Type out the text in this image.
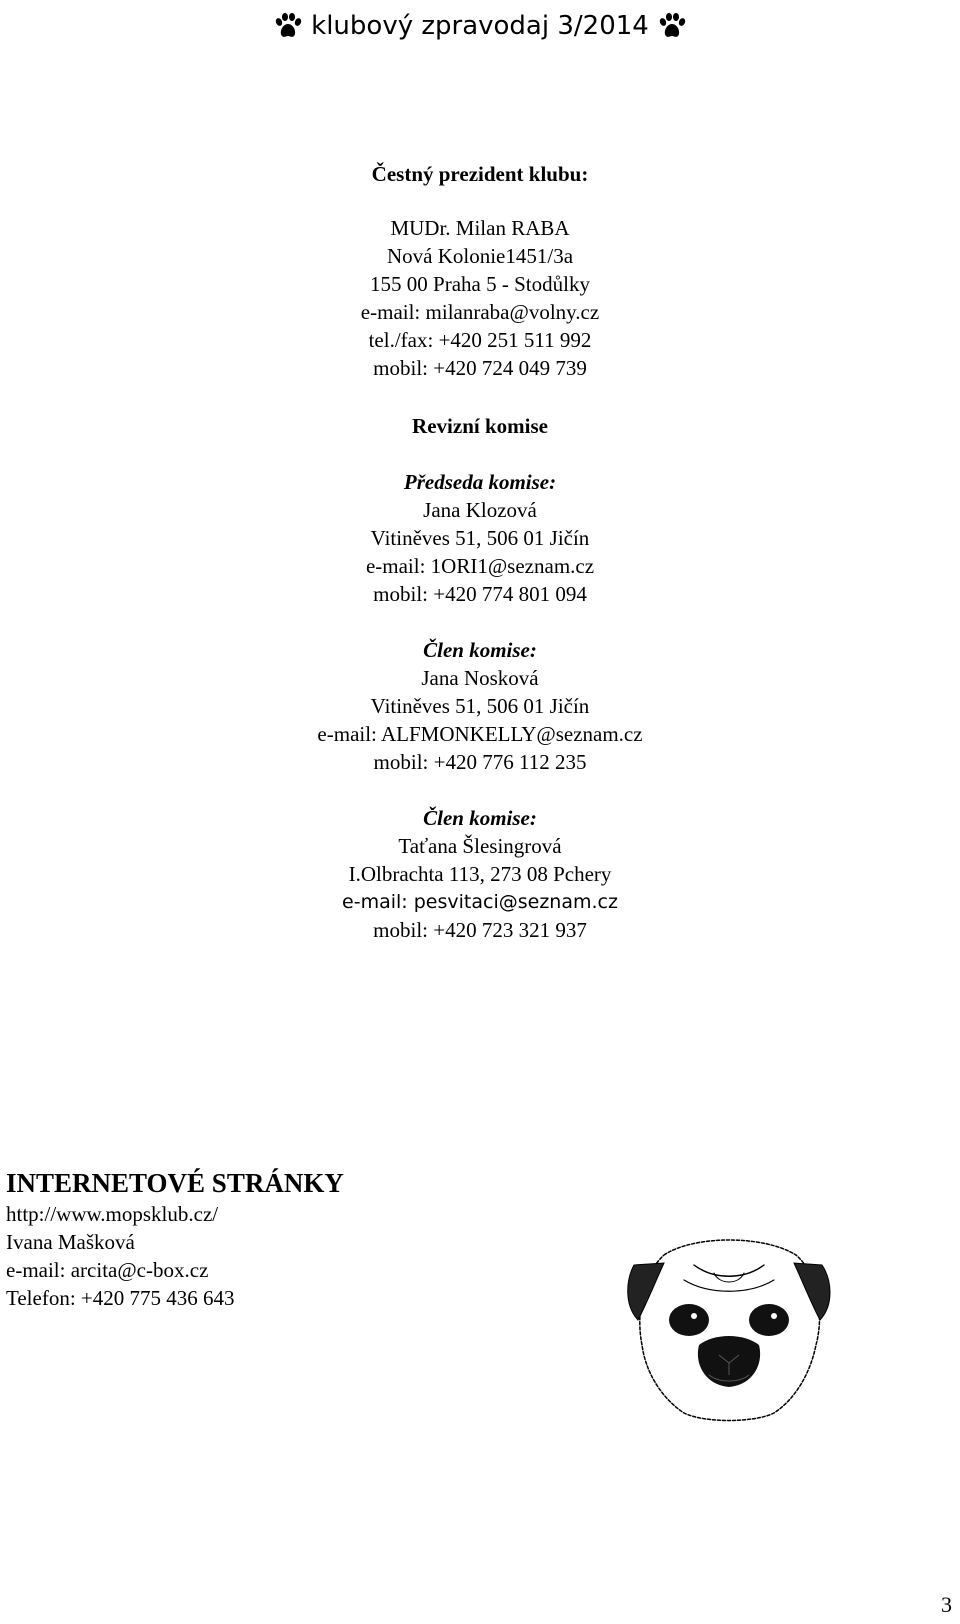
klubový zpravodaj 3/2014
Čestný prezident klubu:
MUDr. Milan RABA
Nová Kolonie1451/3a
155 00 Praha 5 - Stodůlky
e-mail: milanraba@volny.cz
tel./fax: +420 251 511 992
mobil: +420 724 049 739
Revizní komise
Předseda komise:
Jana Klozová
Vitiněves 51, 506 01 Jičín
e-mail: 1ORI1@seznam.cz
mobil: +420 774 801 094
Člen komise:
Jana Nosková
Vitiněves 51, 506 01 Jičín
e-mail: ALFMONKELLY@seznam.cz
mobil: +420 776 112 235
Člen komise:
Taťana Šlesingrová
I.Olbrachta 113, 273 08 Pchery
e-mail: pesvitaci@seznam.cz
mobil: +420 723 321 937
INTERNETOVÉ STRÁNKY
http://www.mopsklub.cz/
Ivana Mašková
e-mail: arcita@c-box.cz
Telefon: +420 775 436 643
3
